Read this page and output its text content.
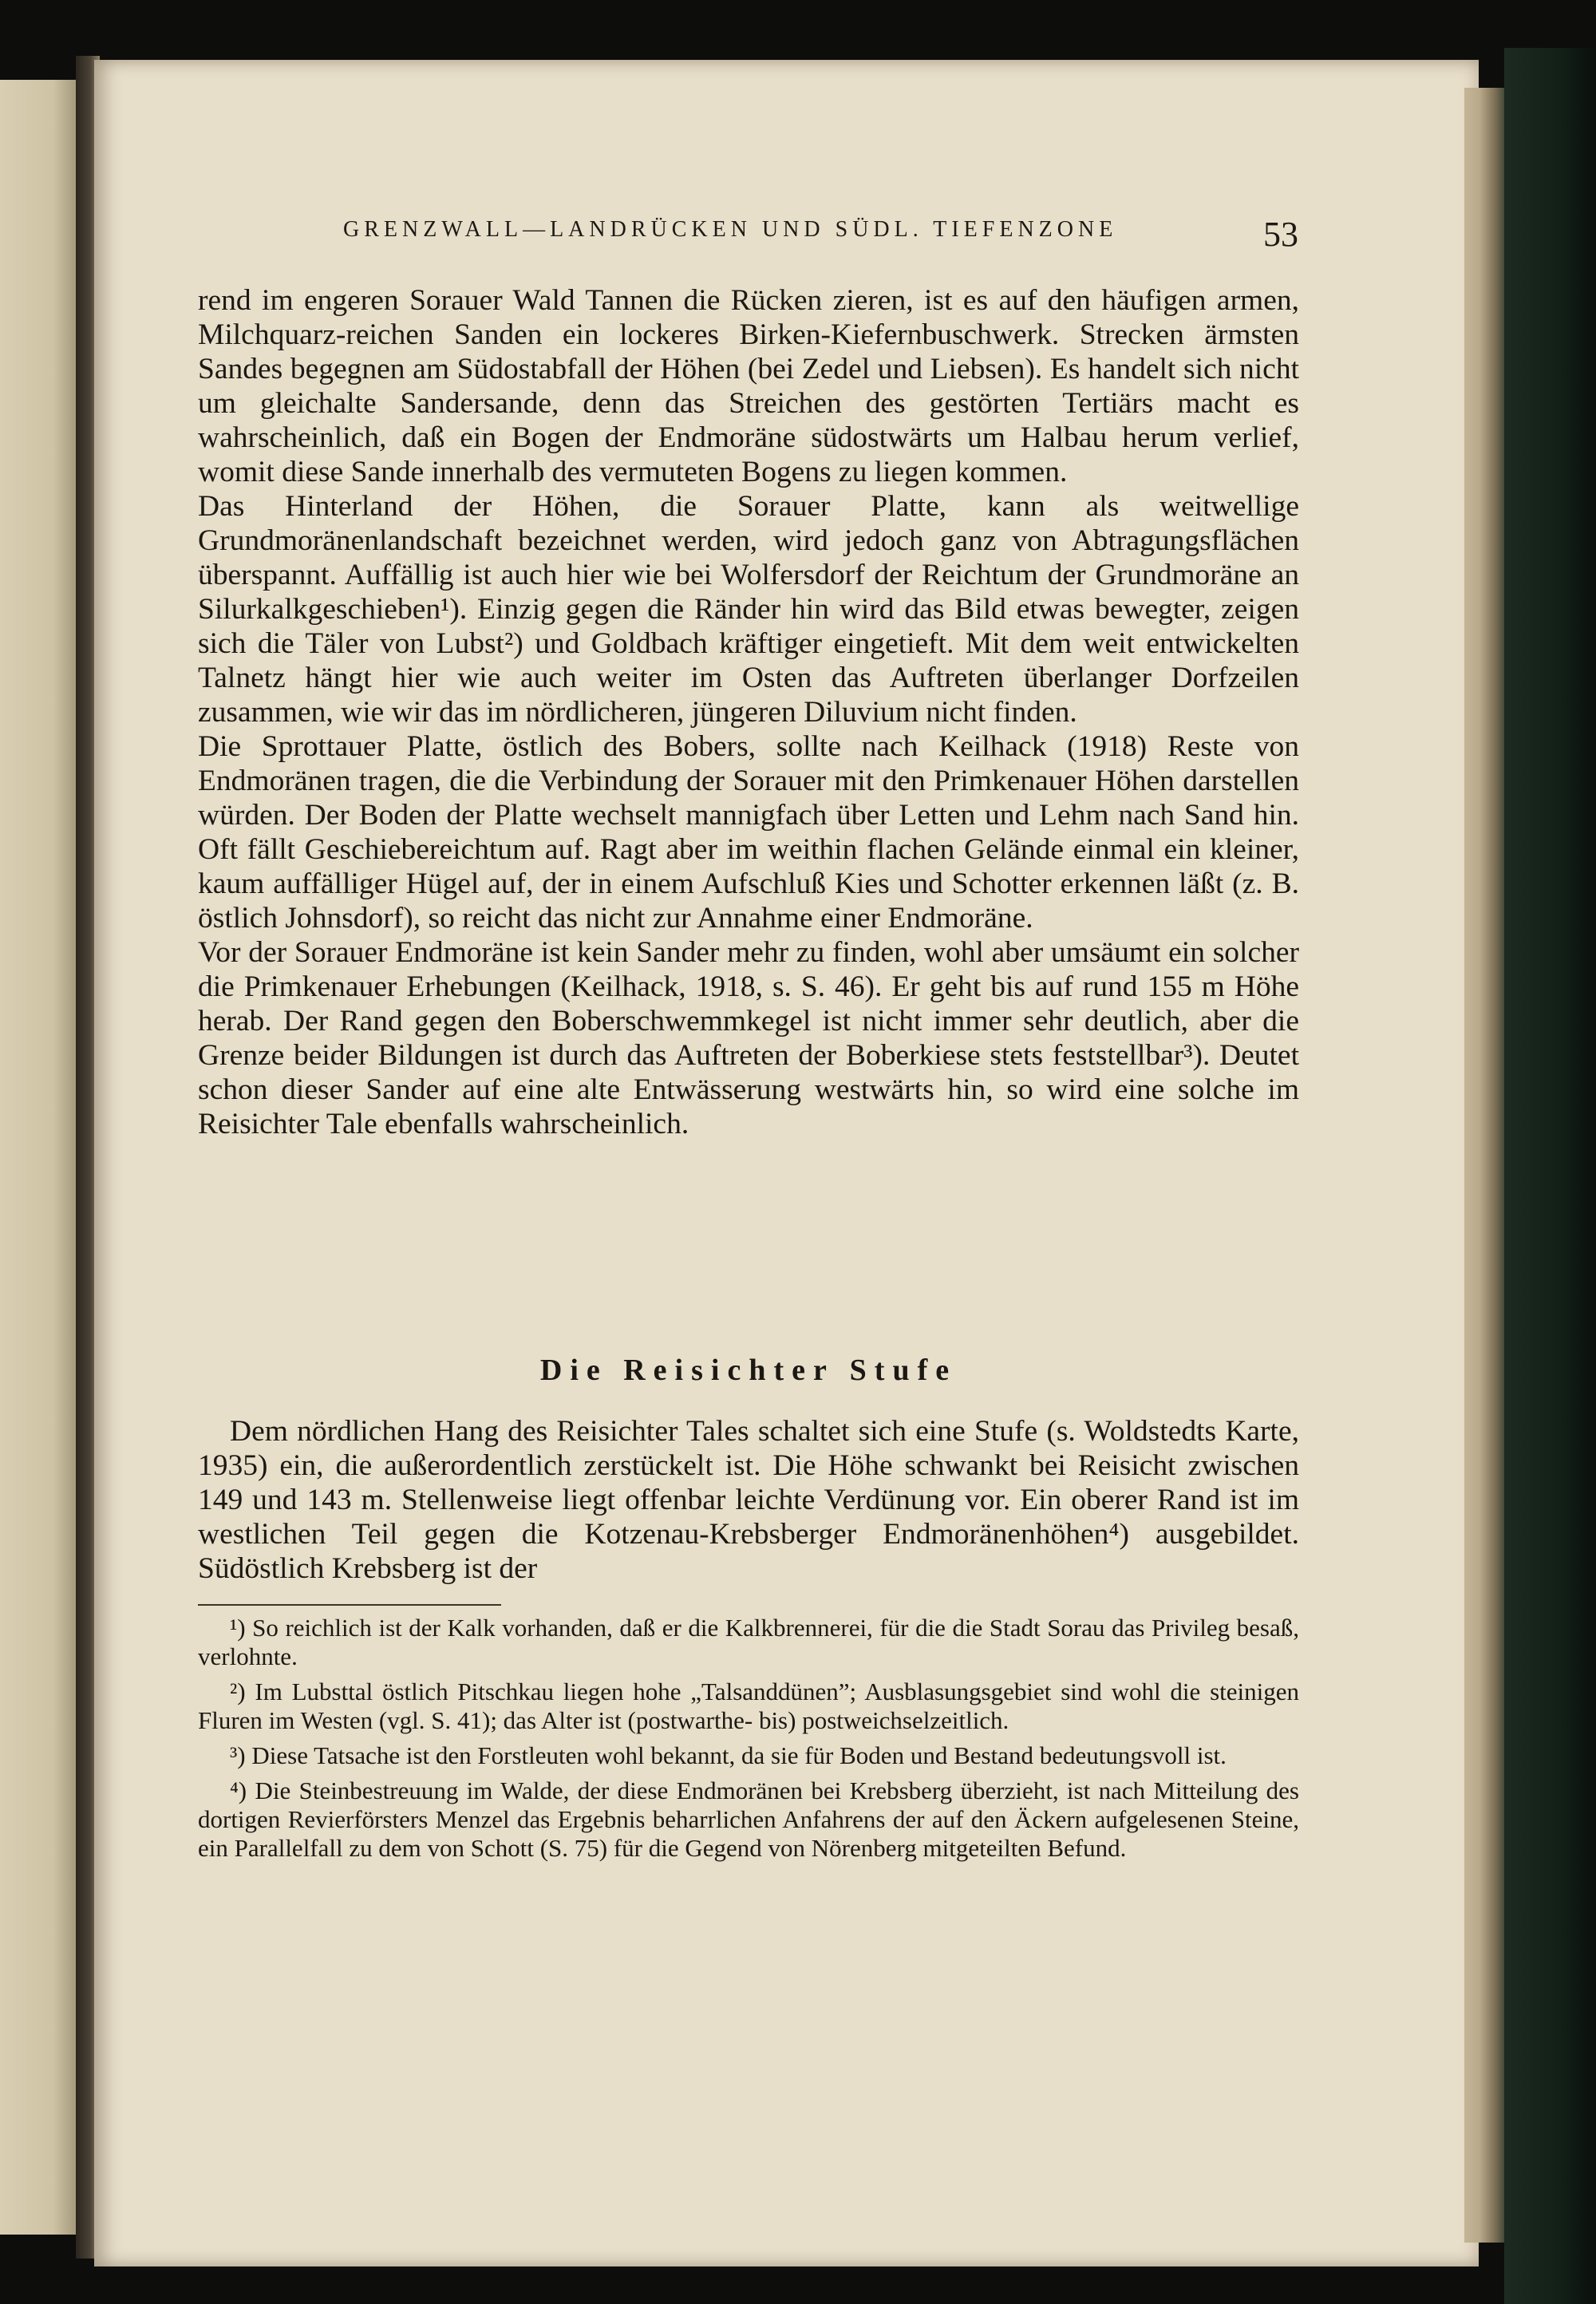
GRENZWALL—LANDRÜCKEN UND SÜDL. TIEFENZONE	53

rend im engeren Sorauer Wald Tannen die Rücken zieren, ist es auf den häufigen armen, Milchquarz-reichen Sanden ein lockeres Birken-Kiefernbuschwerk. Strecken ärmsten Sandes begegnen am Südostabfall der Höhen (bei Zedel und Liebsen). Es handelt sich nicht um gleichalte Sandersande, denn das Streichen des gestörten Tertiärs macht es wahrscheinlich, daß ein Bogen der Endmoräne südostwärts um Halbau herum verlief, womit diese Sande innerhalb des vermuteten Bogens zu liegen kommen.

Das Hinterland der Höhen, die Sorauer Platte, kann als weitwellige Grundmoränenlandschaft bezeichnet werden, wird jedoch ganz von Abtragungsflächen überspannt. Auffällig ist auch hier wie bei Wolfersdorf der Reichtum der Grundmoräne an Silurkalkgeschieben¹). Einzig gegen die Ränder hin wird das Bild etwas bewegter, zeigen sich die Täler von Lubst²) und Goldbach kräftiger eingetieft. Mit dem weit entwickelten Talnetz hängt hier wie auch weiter im Osten das Auftreten überlanger Dorfzeilen zusammen, wie wir das im nördlicheren, jüngeren Diluvium nicht finden.

Die Sprottauer Platte, östlich des Bobers, sollte nach Keilhack (1918) Reste von Endmoränen tragen, die die Verbindung der Sorauer mit den Primkenauer Höhen darstellen würden. Der Boden der Platte wechselt mannigfach über Letten und Lehm nach Sand hin. Oft fällt Geschiebereichtum auf. Ragt aber im weithin flachen Gelände einmal ein kleiner, kaum auffälliger Hügel auf, der in einem Aufschluß Kies und Schotter erkennen läßt (z. B. östlich Johnsdorf), so reicht das nicht zur Annahme einer Endmoräne.

Vor der Sorauer Endmoräne ist kein Sander mehr zu finden, wohl aber umsäumt ein solcher die Primkenauer Erhebungen (Keilhack, 1918, s. S. 46). Er geht bis auf rund 155 m Höhe herab. Der Rand gegen den Boberschwemmkegel ist nicht immer sehr deutlich, aber die Grenze beider Bildungen ist durch das Auftreten der Boberkiese stets feststellbar³). Deutet schon dieser Sander auf eine alte Entwässerung westwärts hin, so wird eine solche im Reisichter Tale ebenfalls wahrscheinlich.

Die Reisichter Stufe

Dem nördlichen Hang des Reisichter Tales schaltet sich eine Stufe (s. Woldstedts Karte, 1935) ein, die außerordentlich zerstückelt ist. Die Höhe schwankt bei Reisicht zwischen 149 und 143 m. Stellenweise liegt offenbar leichte Verdünung vor. Ein oberer Rand ist im westlichen Teil gegen die Kotzenau-Krebsberger Endmoränenhöhen⁴) ausgebildet. Südöstlich Krebsberg ist der

¹) So reichlich ist der Kalk vorhanden, daß er die Kalkbrennerei, für die die Stadt Sorau das Privileg besaß, verlohnte.

²) Im Lubsttal östlich Pitschkau liegen hohe „Talsanddünen”; Ausblasungsgebiet sind wohl die steinigen Fluren im Westen (vgl. S. 41); das Alter ist (postwarthe- bis) postweichselzeitlich.

³) Diese Tatsache ist den Forstleuten wohl bekannt, da sie für Boden und Bestand bedeutungsvoll ist.

⁴) Die Steinbestreuung im Walde, der diese Endmoränen bei Krebsberg überzieht, ist nach Mitteilung des dortigen Revierförsters Menzel das Ergebnis beharrlichen Anfahrens der auf den Äckern aufgelesenen Steine, ein Parallelfall zu dem von Schott (S. 75) für die Gegend von Nörenberg mitgeteilten Befund.
